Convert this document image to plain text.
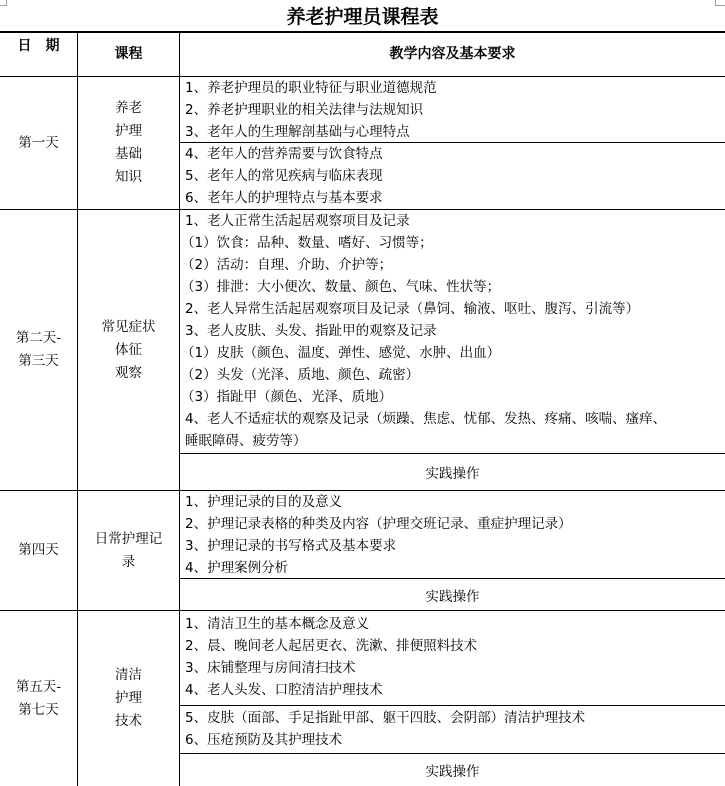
养老护理员课程表
日　期	课程	教学内容及基本要求
第一天
养老
护理
基础
知识
1、养老护理员的职业特征与职业道德规范
2、养老护理职业的相关法律与法规知识
3、老年人的生理解剖基础与心理特点
4、老年人的营养需要与饮食特点
5、老年人的常见疾病与临床表现
6、老年人的护理特点与基本要求
第二天-
第三天
常见症状
体征
观察
1、老人正常生活起居观察项目及记录
（1）饮食：品种、数量、嗜好、习惯等；
（2）活动：自理、介助、介护等；
（3）排泄：大小便次、数量、颜色、气味、性状等；
2、老人异常生活起居观察项目及记录（鼻饲、输液、呕吐、腹泻、引流等）
3、老人皮肤、头发、指趾甲的观察及记录
（1）皮肤（颜色、温度、弹性、感觉、水肿、出血）
（2）头发（光泽、质地、颜色、疏密）
（3）指趾甲（颜色、光泽、质地）
4、老人不适症状的观察及记录（烦躁、焦虑、忧郁、发热、疼痛、咳喘、瘙痒、
睡眠障碍、疲劳等）
实践操作
第四天
日常护理记
录
1、护理记录的目的及意义
2、护理记录表格的种类及内容（护理交班记录、重症护理记录）
3、护理记录的书写格式及基本要求
4、护理案例分析
实践操作
第五天-
第七天
清洁
护理
技术
1、清洁卫生的基本概念及意义
2、晨、晚间老人起居更衣、洗漱、排便照料技术
3、床铺整理与房间清扫技术
4、老人头发、口腔清洁护理技术
5、皮肤（面部、手足指趾甲部、躯干四肢、会阴部）清洁护理技术
6、压疮预防及其护理技术
实践操作
